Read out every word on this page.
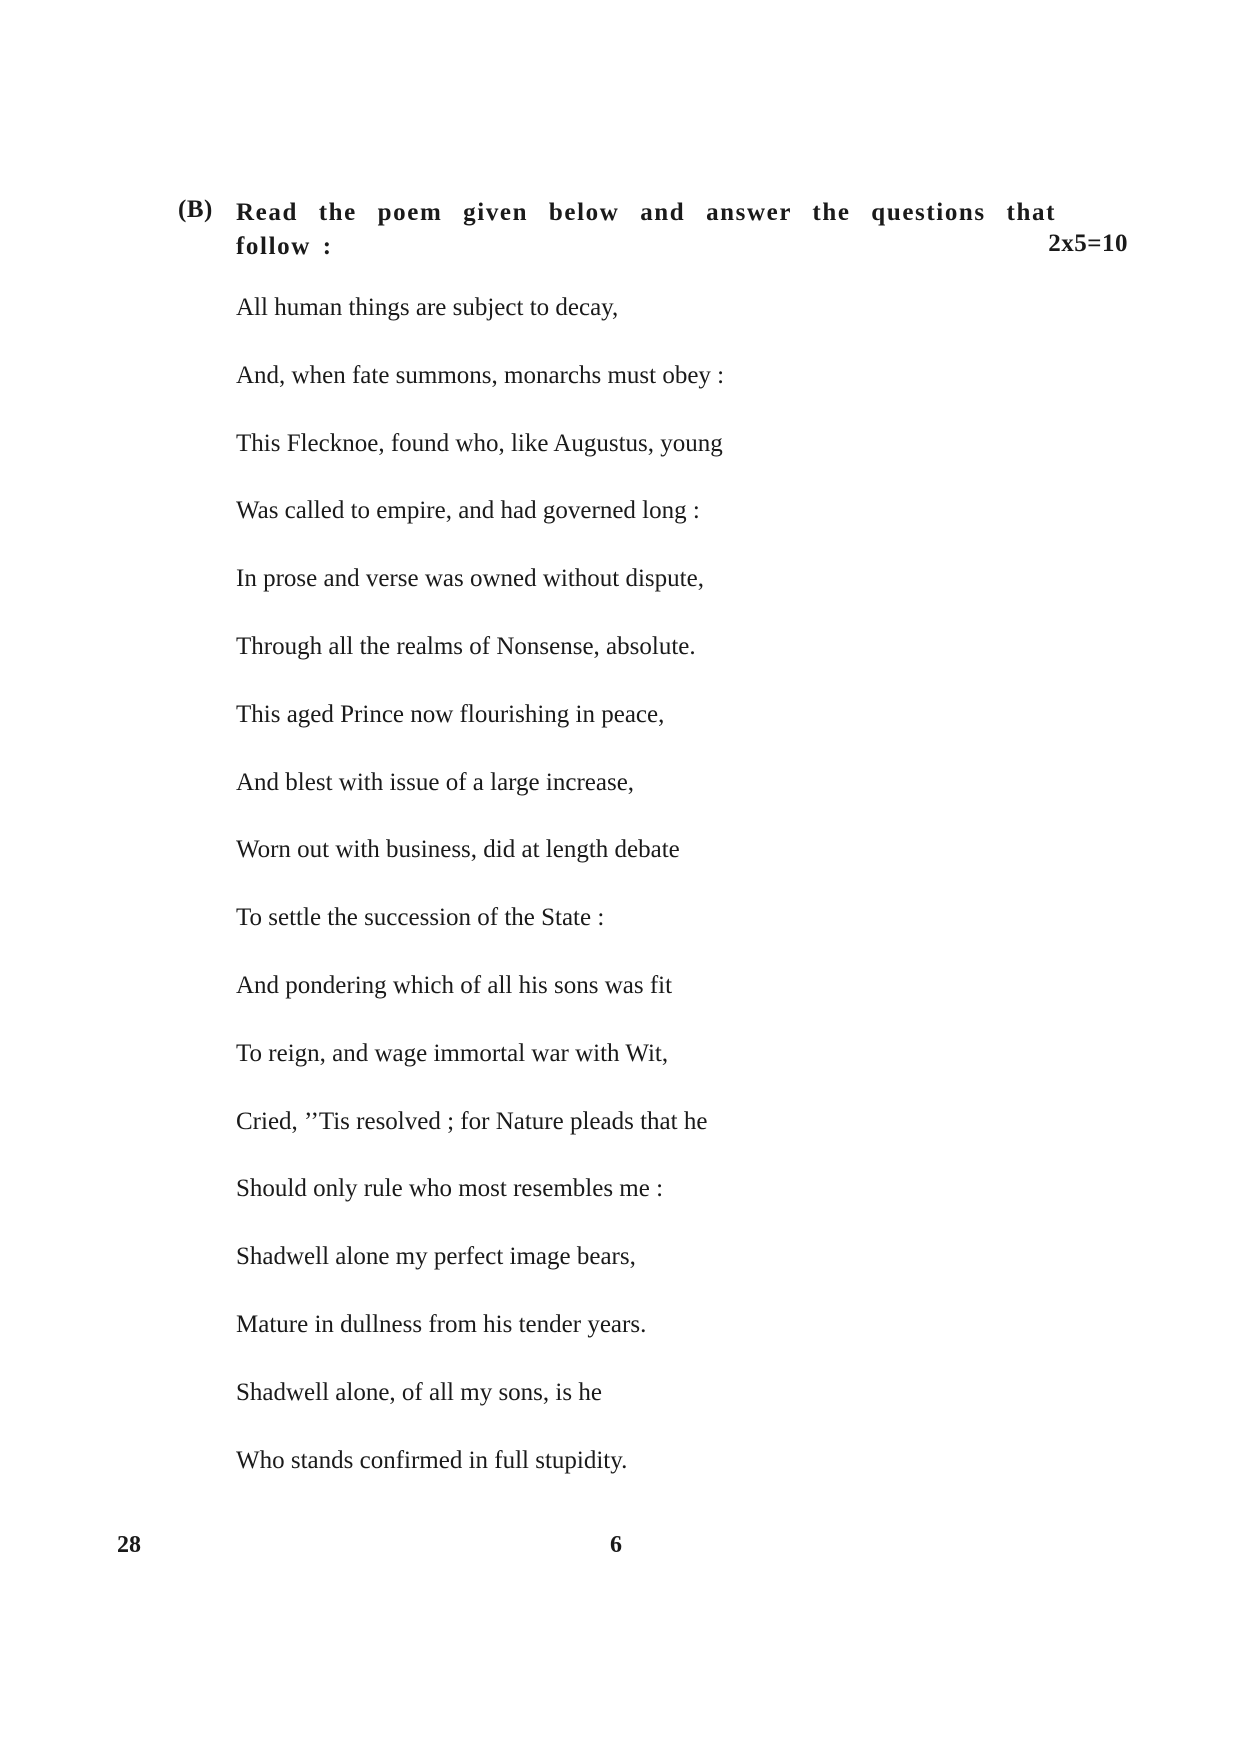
(B) Read the poem given below and answer the questions that
follow :	2x5=10
All human things are subject to decay,
And, when fate summons, monarchs must obey :
This Flecknoe, found who, like Augustus, young
Was called to empire, and had governed long :
In prose and verse was owned without dispute,
Through all the realms of Nonsense, absolute.
This aged Prince now flourishing in peace,
And blest with issue of a large increase,
Worn out with business, did at length debate
To settle the succession of the State :
And pondering which of all his sons was fit
To reign, and wage immortal war with Wit,
Cried, ’’Tis resolved ; for Nature pleads that he
Should only rule who most resembles me :
Shadwell alone my perfect image bears,
Mature in dullness from his tender years.
Shadwell alone, of all my sons, is he
Who stands confirmed in full stupidity.
28	6
